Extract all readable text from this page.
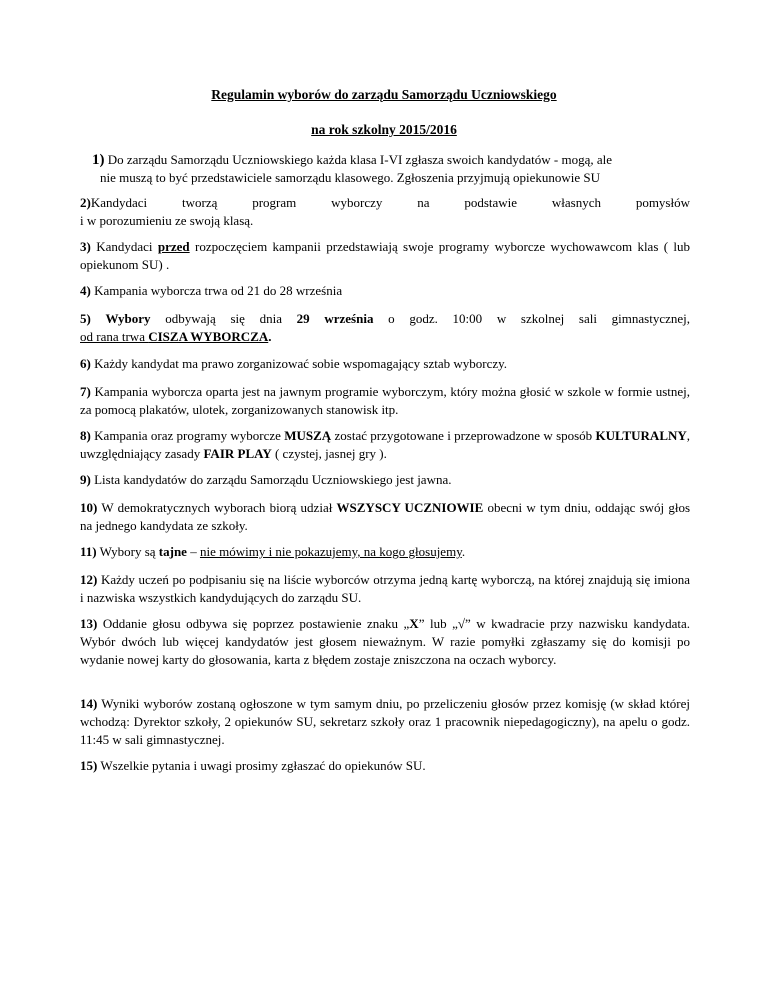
Regulamin wyborów do zarządu Samorządu Uczniowskiego
na rok szkolny 2015/2016
1) Do zarządu Samorządu Uczniowskiego każda klasa I-VI zgłasza swoich kandydatów - mogą, ale
nie muszą to być przedstawiciele samorządu klasowego. Zgłoszenia przyjmują opiekunowie SU
2)Kandydaci tworzą program wyborczy na podstawie własnych pomysłów
i w porozumieniu ze swoją klasą.
3) Kandydaci przed rozpoczęciem kampanii przedstawiają swoje programy wyborcze wychowawcom klas ( lub opiekunom SU) .
4) Kampania wyborcza trwa od 21 do 28 września
5) Wybory odbywają się dnia 29 września o godz. 10:00 w szkolnej sali gimnastycznej,
od rana trwa CISZA WYBORCZA.
6) Każdy kandydat ma prawo zorganizować sobie wspomagający sztab wyborczy.
7) Kampania wyborcza oparta jest na jawnym programie wyborczym, który można głosić w szkole w formie ustnej, za pomocą plakatów, ulotek, zorganizowanych stanowisk itp.
8) Kampania oraz programy wyborcze MUSZĄ zostać przygotowane i przeprowadzone w sposób KULTURALNY, uwzględniający zasady FAIR PLAY ( czystej, jasnej gry ).
9) Lista kandydatów do zarządu Samorządu Uczniowskiego jest jawna.
10) W demokratycznych wyborach biorą udział WSZYSCY UCZNIOWIE obecni w tym dniu, oddając swój głos na jednego kandydata ze szkoły.
11) Wybory są tajne – nie mówimy i nie pokazujemy, na kogo głosujemy.
12) Każdy uczeń po podpisaniu się na liście wyborców otrzyma jedną kartę wyborczą, na której znajdują się imiona i nazwiska wszystkich kandydujących do zarządu SU.
13) Oddanie głosu odbywa się poprzez postawienie znaku „X” lub „√” w kwadracie przy nazwisku kandydata. Wybór dwóch lub więcej kandydatów jest głosem nieważnym. W razie pomyłki zgłaszamy się do komisji po wydanie nowej karty do głosowania, karta z błędem zostaje zniszczona na oczach wyborcy.
14) Wyniki wyborów zostaną ogłoszone w tym samym dniu, po przeliczeniu głosów przez komisję (w skład której wchodzą: Dyrektor szkoły, 2 opiekunów SU, sekretarz szkoły oraz 1 pracownik niepedagogiczny), na apelu o godz. 11:45 w sali gimnastycznej.
15) Wszelkie pytania i uwagi prosimy zgłaszać do opiekunów SU.
